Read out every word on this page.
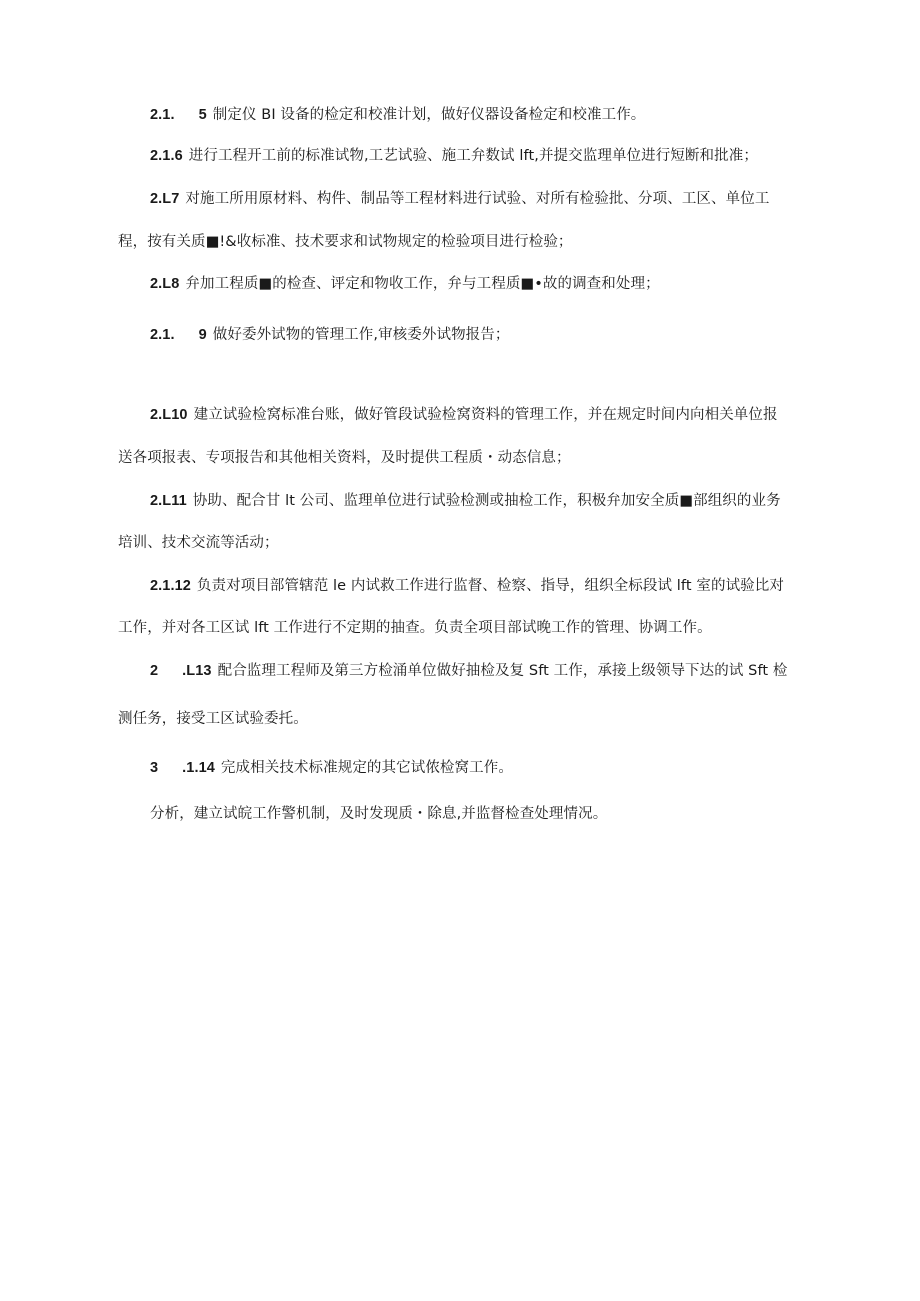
2.1. 5 制定仪 BI 设备的检定和校准计划，做好仪器设备检定和校准工作。
2.1.6 进行工程开工前的标准试物,工艺试验、施工弁数试 lft,并提交监理单位进行短断和批准；
2.L7 对施工所用原材料、构件、制品等工程材料进行试验、对所有检验批、分项、工区、单位工
程，按有关质■!&收标准、技术要求和试物规定的检验项目进行检验；
2.L8 弁加工程质■的检查、评定和物收工作，弁与工程质■•故的调查和处理；
2.1. 9 做好委外试物的管理工作,审核委外试物报告；
2.L10 建立试验检窝标准台账，做好管段试验检窝资料的管理工作，并在规定时间内向相关单位报
送各项报表、专项报告和其他相关资料，及时提供工程质・动态信息；
2.L11 协助、配合甘 lt 公司、监理单位进行试验检测或抽检工作，积极弁加安全质■部组织的业务
培训、技术交流等活动；
2.1.12 负责对项目部管辖范 le 内试救工作进行监督、检察、指导，组织全标段试 lft 室的试验比对
工作，并对各工区试 lft 工作进行不定期的抽查。负责全项目部试晚工作的管理、协调工作。
2 .L13 配合监理工程师及第三方检涌单位做好抽检及复 Sft 工作，承接上级领导下达的试 Sft 检
测任务，接受工区试验委托。
3 .1.14 完成相关技术标准规定的其它试侬检窝工作。
分析，建立试皖工作警机制，及时发现质・除息,并监督检查处理情况。
